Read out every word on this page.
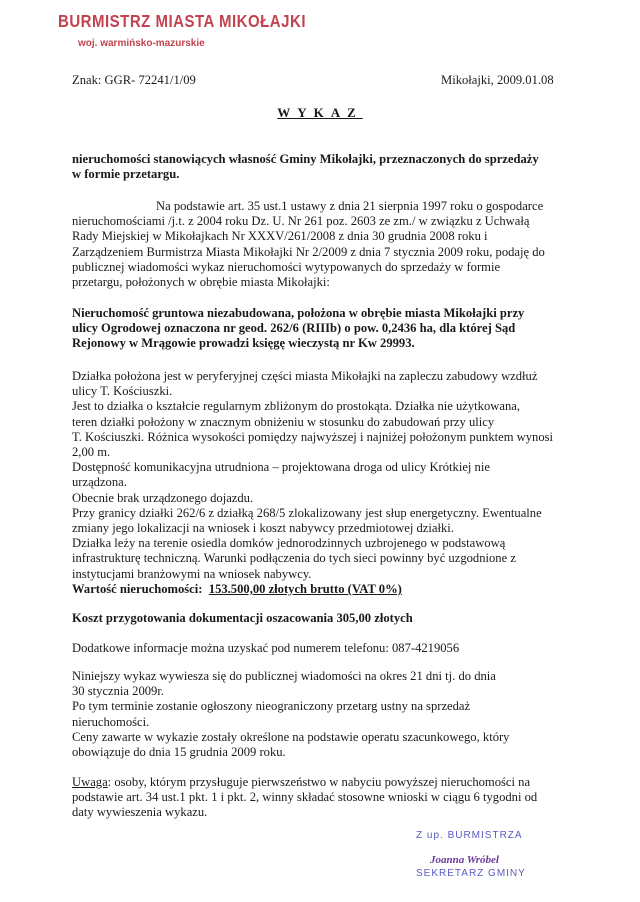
BURMISTRZ MIASTA MIKOŁAJKI
woj. warmińsko-mazurskie
Znak: GGR- 72241/1/09	Mikołajki, 2009.01.08
WYKAZ
nieruchomości stanowiących własność Gminy Mikołajki, przeznaczonych do sprzedaży
w formie przetargu.
Na podstawie art. 35 ust.1 ustawy z dnia 21 sierpnia 1997 roku o gospodarce
nieruchomościami /j.t. z 2004 roku Dz. U. Nr 261 poz. 2603 ze zm./ w związku z Uchwałą
Rady Miejskiej w Mikołajkach Nr XXXV/261/2008 z dnia 30 grudnia 2008 roku i
Zarządzeniem Burmistrza Miasta Mikołajki Nr 2/2009 z dnia 7 stycznia 2009 roku, podaję do
publicznej wiadomości wykaz nieruchomości wytypowanych do sprzedaży w formie
przetargu, położonych w obrębie miasta Mikołajki:
Nieruchomość gruntowa niezabudowana, położona w obrębie miasta Mikołajki przy
ulicy Ogrodowej oznaczona nr geod. 262/6 (RIIIb) o pow. 0,2436 ha, dla której Sąd
Rejonowy w Mrągowie prowadzi księgę wieczystą nr Kw 29993.
Działka położona jest w peryferyjnej części miasta Mikołajki na zapleczu zabudowy wzdłuż
ulicy T. Kościuszki.
Jest to działka o kształcie regularnym zbliżonym do prostokąta. Działka nie użytkowana,
teren działki położony w znacznym obniżeniu w stosunku do zabudowań przy ulicy
T. Kościuszki. Różnica wysokości pomiędzy najwyższej i najniżej położonym punktem wynosi
2,00 m.
Dostępność komunikacyjna utrudniona – projektowana droga od ulicy Krótkiej nie
urządzona.
Obecnie brak urządzonego dojazdu.
Przy granicy działki 262/6 z działką 268/5 zlokalizowany jest słup energetyczny. Ewentualne
zmiany jego lokalizacji na wniosek i koszt nabywcy przedmiotowej działki.
Działka leży na terenie osiedla domków jednorodzinnych uzbrojenego w podstawową
infrastrukturę techniczną. Warunki podłączenia do tych sieci powinny być uzgodnione z
instytucjami branżowymi na wniosek nabywcy.
Wartość nieruchomości: 153.500,00 złotych brutto (VAT 0%)
Koszt przygotowania dokumentacji oszacowania 305,00 złotych
Dodatkowe informacje można uzyskać pod numerem telefonu: 087-4219056
Niniejszy wykaz wywiesza się do publicznej wiadomości na okres 21 dni tj. do dnia
30 stycznia 2009r.
Po tym terminie zostanie ogłoszony nieograniczony przetarg ustny na sprzedaż
nieruchomości.
Ceny zawarte w wykazie zostały określone na podstawie operatu szacunkowego, który
obowiązuje do dnia 15 grudnia 2009 roku.
Uwaga: osoby, którym przysługuje pierwszeństwo w nabyciu powyższej nieruchomości na
podstawie art. 34 ust.1 pkt. 1 i pkt. 2, winny składać stosowne wnioski w ciągu 6 tygodni od
daty wywieszenia wykazu.
Z up. BURMISTRZA
Joanna Wróbel
SEKRETARZ GMINY
